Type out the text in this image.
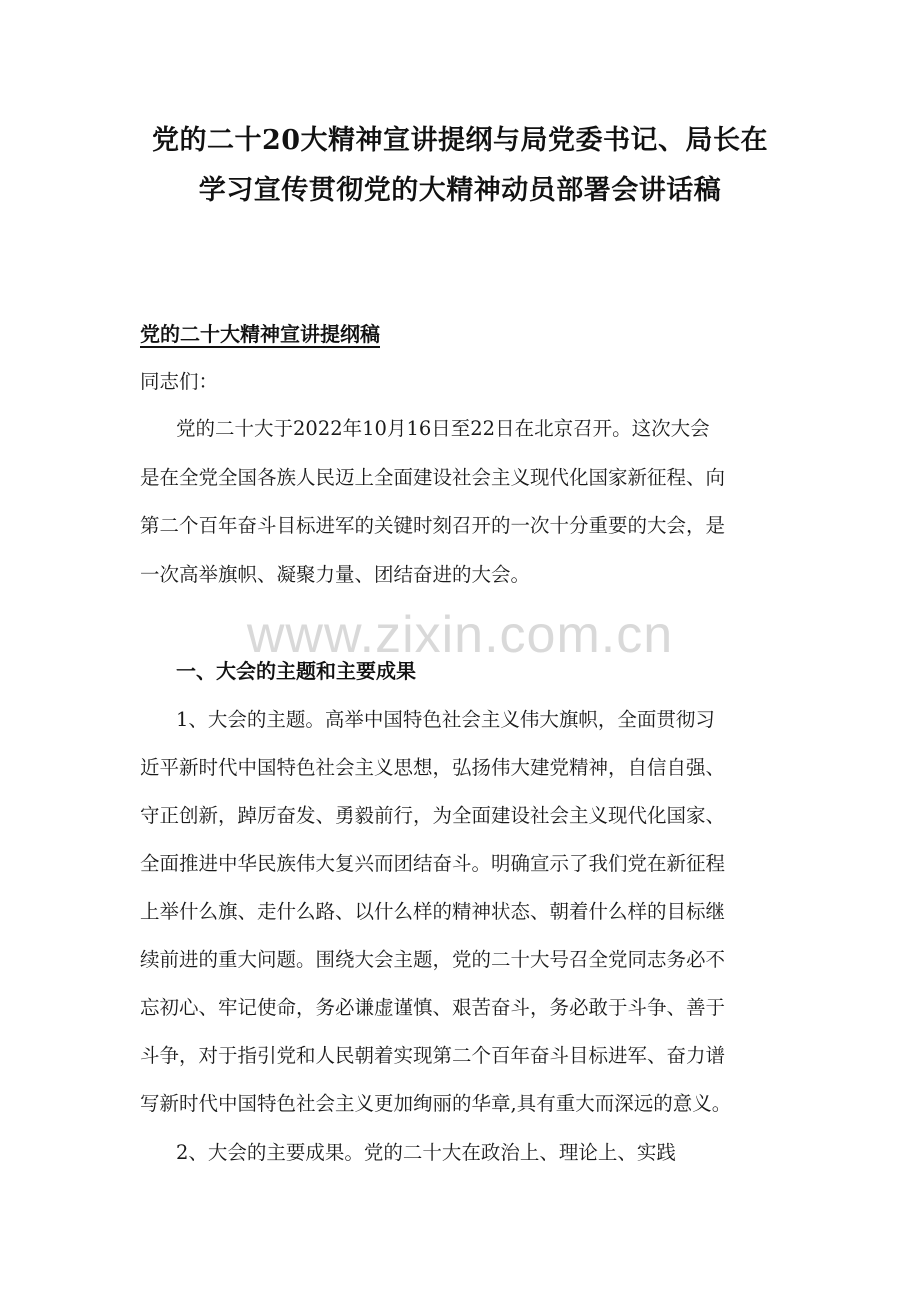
www.zixin.com.cn
党的二十20大精神宣讲提纲与局党委书记、局长在
学习宣传贯彻党的大精神动员部署会讲话稿
党的二十大精神宣讲提纲稿
同志们：
党的二十大于2022年10月16日至22日在北京召开。这次大会
是在全党全国各族人民迈上全面建设社会主义现代化国家新征程、向
第二个百年奋斗目标进军的关键时刻召开的一次十分重要的大会，是
一次高举旗帜、凝聚力量、团结奋进的大会。
一、大会的主题和主要成果
1、大会的主题。高举中国特色社会主义伟大旗帜，全面贯彻习
近平新时代中国特色社会主义思想，弘扬伟大建党精神，自信自强、
守正创新，踔厉奋发、勇毅前行，为全面建设社会主义现代化国家、
全面推进中华民族伟大复兴而团结奋斗。明确宣示了我们党在新征程
上举什么旗、走什么路、以什么样的精神状态、朝着什么样的目标继
续前进的重大问题。围绕大会主题，党的二十大号召全党同志务必不
忘初心、牢记使命，务必谦虚谨慎、艰苦奋斗，务必敢于斗争、善于
斗争，对于指引党和人民朝着实现第二个百年奋斗目标进军、奋力谱
写新时代中国特色社会主义更加绚丽的华章,具有重大而深远的意义。
2、大会的主要成果。党的二十大在政治上、理论上、实践
